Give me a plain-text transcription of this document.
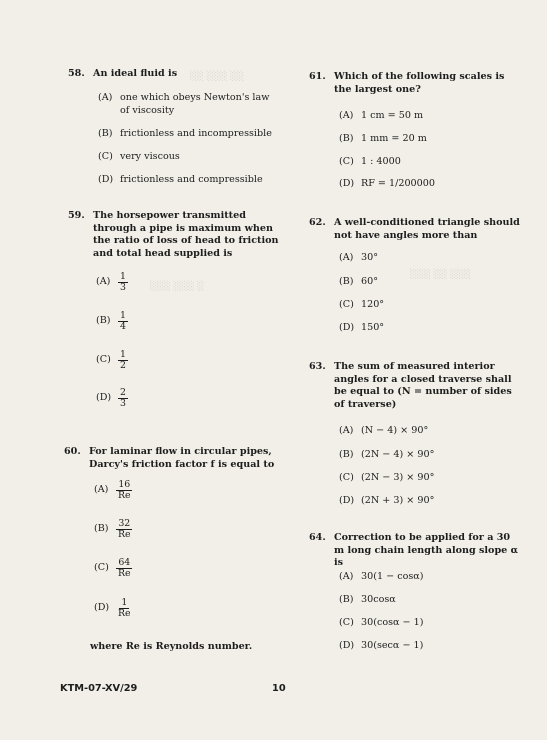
░░ ░░░ ░░
░░░ ░░░ ░
░░░ ░░ ░░░
58. An ideal fluid is
(A) one which obeys Newton's law of viscosity
(B) frictionless and incompressible
(C) very viscous
(D) frictionless and compressible
59. The horsepower transmitted through a pipe is maximum when the ratio of loss of head to friction and total head supplied is
$(A) \frac{1}{3}$
$(B) \frac{1}{4}$
$(C) \frac{1}{2}$
$(D) \frac{2}{3}$
60. For laminar flow in circular pipes, Darcy's friction factor f is equal to
$(A) \frac{16}{Re}$
$(B) \frac{32}{Re}$
$(C) \frac{64}{Re}$
$(D) \frac{1}{Re}$
where Re is Reynolds number.
61. Which of the following scales is the largest one?
(A) 1 cm = 50 m
(B) 1 mm = 20 m
(C) 1 : 4000
(D) RF = 1/200000
62. A well-conditioned triangle should not have angles more than
(A) 30°
(B) 60°
(C) 120°
(D) 150°
63. The sum of measured interior angles for a closed traverse shall be equal to (N = number of sides of traverse)
(A) (N − 4) × 90°
(B) (2N − 4) × 90°
(C) (2N − 3) × 90°
(D) (2N + 3) × 90°
64. Correction to be applied for a 30 m long chain length along slope α is
(A) 30(1 − cosα)
(B) 30cosα
(C) 30(cosα − 1)
(D) 30(secα − 1)
KTM-07-XV/29	10
